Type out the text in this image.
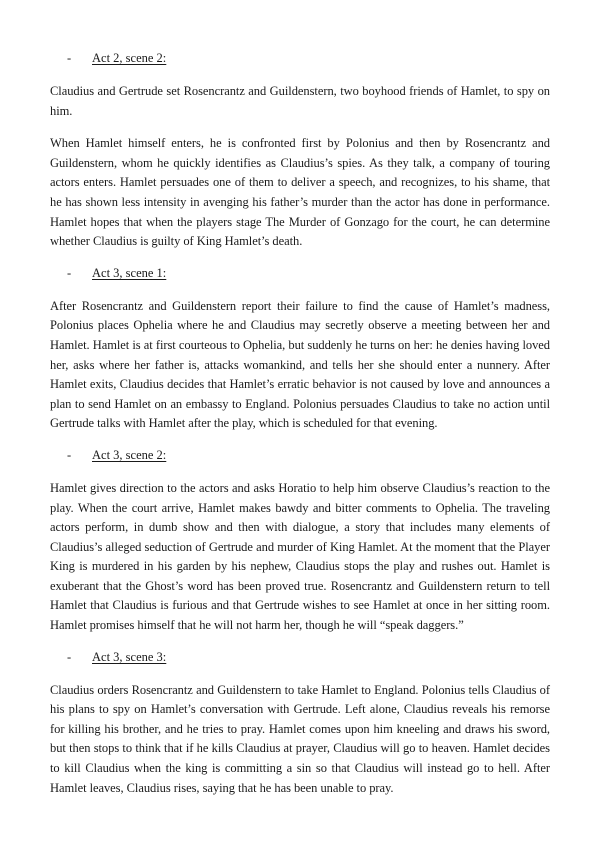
- Act 2, scene 2:

Claudius and Gertrude set Rosencrantz and Guildenstern, two boyhood friends of Hamlet, to spy on him.

When Hamlet himself enters, he is confronted first by Polonius and then by Rosencrantz and Guildenstern, whom he quickly identifies as Claudius’s spies. As they talk, a company of touring actors enters. Hamlet persuades one of them to deliver a speech, and recognizes, to his shame, that he has shown less intensity in avenging his father’s murder than the actor has done in performance. Hamlet hopes that when the players stage The Murder of Gonzago for the court, he can determine whether Claudius is guilty of King Hamlet’s death.

- Act 3, scene 1:

After Rosencrantz and Guildenstern report their failure to find the cause of Hamlet’s madness, Polonius places Ophelia where he and Claudius may secretly observe a meeting between her and Hamlet. Hamlet is at first courteous to Ophelia, but suddenly he turns on her: he denies having loved her, asks where her father is, attacks womankind, and tells her she should enter a nunnery. After Hamlet exits, Claudius decides that Hamlet’s erratic behavior is not caused by love and announces a plan to send Hamlet on an embassy to England. Polonius persuades Claudius to take no action until Gertrude talks with Hamlet after the play, which is scheduled for that evening.

- Act 3, scene 2:

Hamlet gives direction to the actors and asks Horatio to help him observe Claudius’s reaction to the play. When the court arrive, Hamlet makes bawdy and bitter comments to Ophelia. The traveling actors perform, in dumb show and then with dialogue, a story that includes many elements of Claudius’s alleged seduction of Gertrude and murder of King Hamlet. At the moment that the Player King is murdered in his garden by his nephew, Claudius stops the play and rushes out. Hamlet is exuberant that the Ghost’s word has been proved true. Rosencrantz and Guildenstern return to tell Hamlet that Claudius is furious and that Gertrude wishes to see Hamlet at once in her sitting room. Hamlet promises himself that he will not harm her, though he will “speak daggers.”

- Act 3, scene 3:

Claudius orders Rosencrantz and Guildenstern to take Hamlet to England. Polonius tells Claudius of his plans to spy on Hamlet’s conversation with Gertrude. Left alone, Claudius reveals his remorse for killing his brother, and he tries to pray. Hamlet comes upon him kneeling and draws his sword, but then stops to think that if he kills Claudius at prayer, Claudius will go to heaven. Hamlet decides to kill Claudius when the king is committing a sin so that Claudius will instead go to hell. After Hamlet leaves, Claudius rises, saying that he has been unable to pray.
